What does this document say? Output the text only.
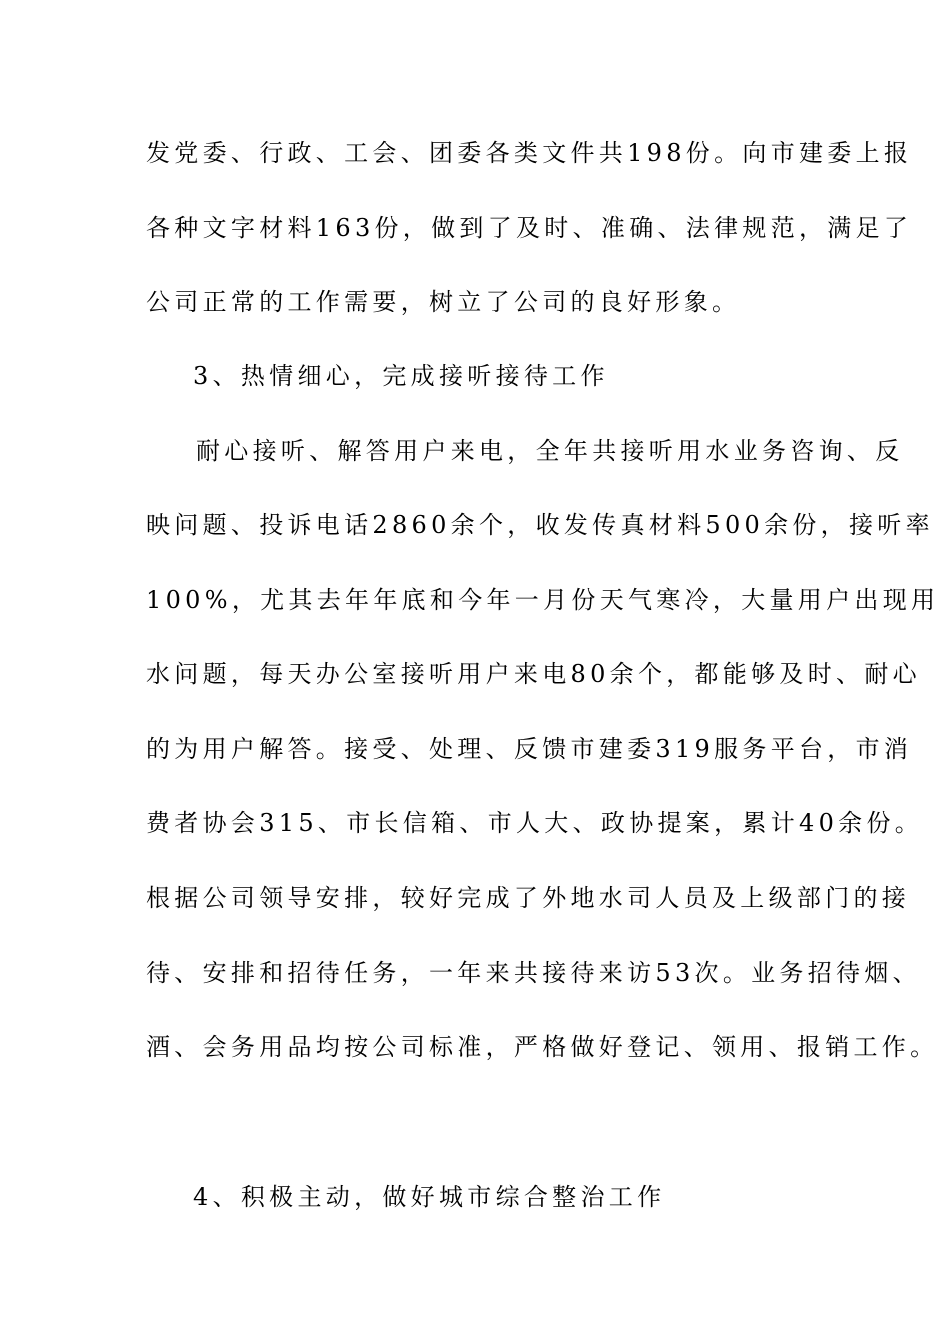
发党委、行政、工会、团委各类文件共198份。向市建委上报
各种文字材料163份，做到了及时、准确、法律规范，满足了
公司正常的工作需要，树立了公司的良好形象。
3、热情细心，完成接听接待工作
耐心接听、解答用户来电，全年共接听用水业务咨询、反
映问题、投诉电话2860余个，收发传真材料500余份，接听率
100%，尤其去年年底和今年一月份天气寒冷，大量用户出现用
水问题，每天办公室接听用户来电80余个，都能够及时、耐心
的为用户解答。接受、处理、反馈市建委319服务平台，市消
费者协会315、市长信箱、市人大、政协提案，累计40余份。
根据公司领导安排，较好完成了外地水司人员及上级部门的接
待、安排和招待任务，一年来共接待来访53次。业务招待烟、
酒、会务用品均按公司标准，严格做好登记、领用、报销工作。
4、积极主动，做好城市综合整治工作
